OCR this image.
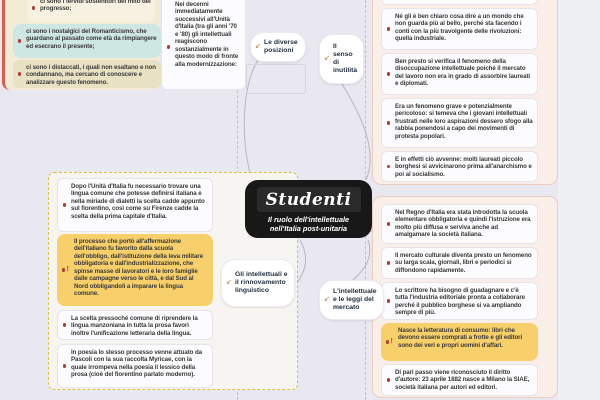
ci sono i fervidi sostenitori del mito del progresso;
ci sono i nostalgici del Romanticismo, che guardano al passato come età da rimpiangere ed esecrano il presente;
ci sono i distaccati, i quali non esaltano e non condannano, ma cercano di conoscere e analizzare questo fenomeno.
Nei decenni immediatamente successivi all'Unità d'Italia (tra gli anni '70 e '80) gli intellettuali reagiscono sostanzialmente in questo modo di fronte alla modernizzazione:
↙
Le diverse posizioni
↙
Il senso di inutilità
Né gli è ben chiaro cosa dire a un mondo che non guarda più al bello, perché sta facendo i conti con la più travolgente delle rivoluzioni: quella industriale.
Ben presto si verifica il fenomeno della disoccupazione intellettuale poiché il mercato del lavoro non era in grado di assorbire laureati e diplomati.
Era un fenomeno grave e potenzialmente pericoloso: si temeva che i giovani intellettuali frustrati nelle loro aspirazioni dessero sfogo alla rabbia ponendosi a capo dei movimenti di protesta popolari.
E in effetti ciò avvenne: molti laureati piccolo borghesi si avvicinarono prima all'anarchismo e poi al socialismo.
Studenti
Il ruolo dell'intellettuale nell'Italia post-unitaria
Dopo l'Unità d'Italia fu necessario trovare una lingua comune che potesse definirsi italiana e nella miriade di dialetti la scelta cadde appunto sul fiorentino, così come su Firenze cadde la scelta della prima capitale d'Italia.
!
Il processo che portò all'affermazione dell'italiano fu favorito dalla scuola dell'obbligo, dall'istituzione della leva militare obbligatoria e dall'industrializzazione, che spinse masse di lavoratori e le loro famiglie dalle campagne verso le città, e dal Sud al Nord obbligandoli a imparare la lingua comune.
La scelta pressoché comune di riprendere la lingua manzoniana in tutta la prosa favorì inoltre l'unificazione letteraria della lingua.
In poesia lo stesso processo venne attuato da Pascoli con la sua raccolta Myricae, con la quale irrompeva nella poesia il lessico della prosa (cioè del fiorentino parlato moderno).
↙
Gli intellettuali e il rinnovamento linguistico
↙
L'intellettuale e le leggi del mercato
Nel Regno d'Italia era stata introdotta la scuola elementare obbligatoria e quindi l'istruzione era molto più diffusa e serviva anche ad amalgamare la società italiana.
Il mercato culturale diventa presto un fenomeno su larga scala, giornali, libri e periodici si diffondono rapidamente.
Lo scrittore ha bisogno di guadagnare e c'è tutta l'industria editoriale pronta a collaborare perché il pubblico borghese si va ampliando sempre di più.
!
Nasce la letteratura di consumo: libri che devono essere comprati a frotte e gli editori sono dei veri e propri uomini d'affari.
Di pari passo viene riconosciuto il diritto d'autore: 23 aprile 1882 nasce a Milano la SIAE, società italiana per autori ed editori.
